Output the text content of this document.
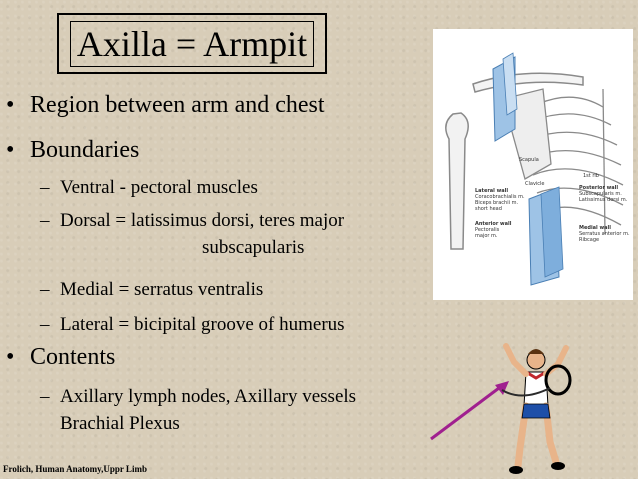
Axilla = Armpit
• Region between arm and chest
• Boundaries
– Ventral - pectoral muscles
– Dorsal = latissimus dorsi, teres major
subscapularis
– Medial = serratus ventralis
– Lateral = bicipital groove of humerus
• Contents
– Axillary lymph nodes, Axillary vessels
Brachial Plexus
Scapula
1st rib
Clavicle
Lateral wall
Coracobrachialis m.
Biceps brachii m.
short head
Posterior wall
Subscapularis m.
Latissimus dorsi m.
Anterior wall
Pectoralis
major m.
Medial wall
Serratus anterior m.
Ribcage
Frolich, Human Anatomy,Uppr Limb
